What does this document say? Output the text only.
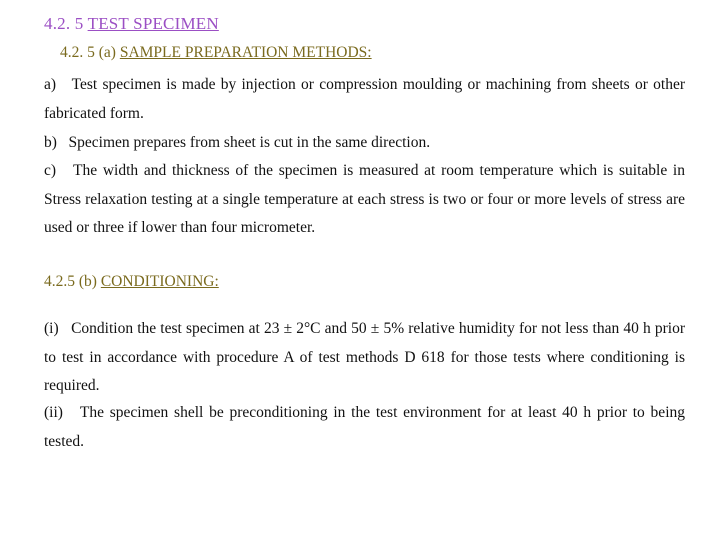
4.2. 5 TEST SPECIMEN
4.2. 5 (a) SAMPLE PREPARATION METHODS:
a) Test specimen is made by injection or compression moulding or machining from sheets or other fabricated form.
b) Specimen prepares from sheet is cut in the same direction.
c) The width and thickness of the specimen is measured at room temperature which is suitable in Stress relaxation testing at a single temperature at each stress is two or four or more levels of stress are used or three if lower than four micrometer.
4.2.5 (b) CONDITIONING:
(i) Condition the test specimen at 23 ± 2°C and 50 ± 5% relative humidity for not less than 40 h prior to test in accordance with procedure A of test methods D 618 for those tests where conditioning is required.
(ii) The specimen shell be preconditioning in the test environment for at least 40 h prior to being tested.
